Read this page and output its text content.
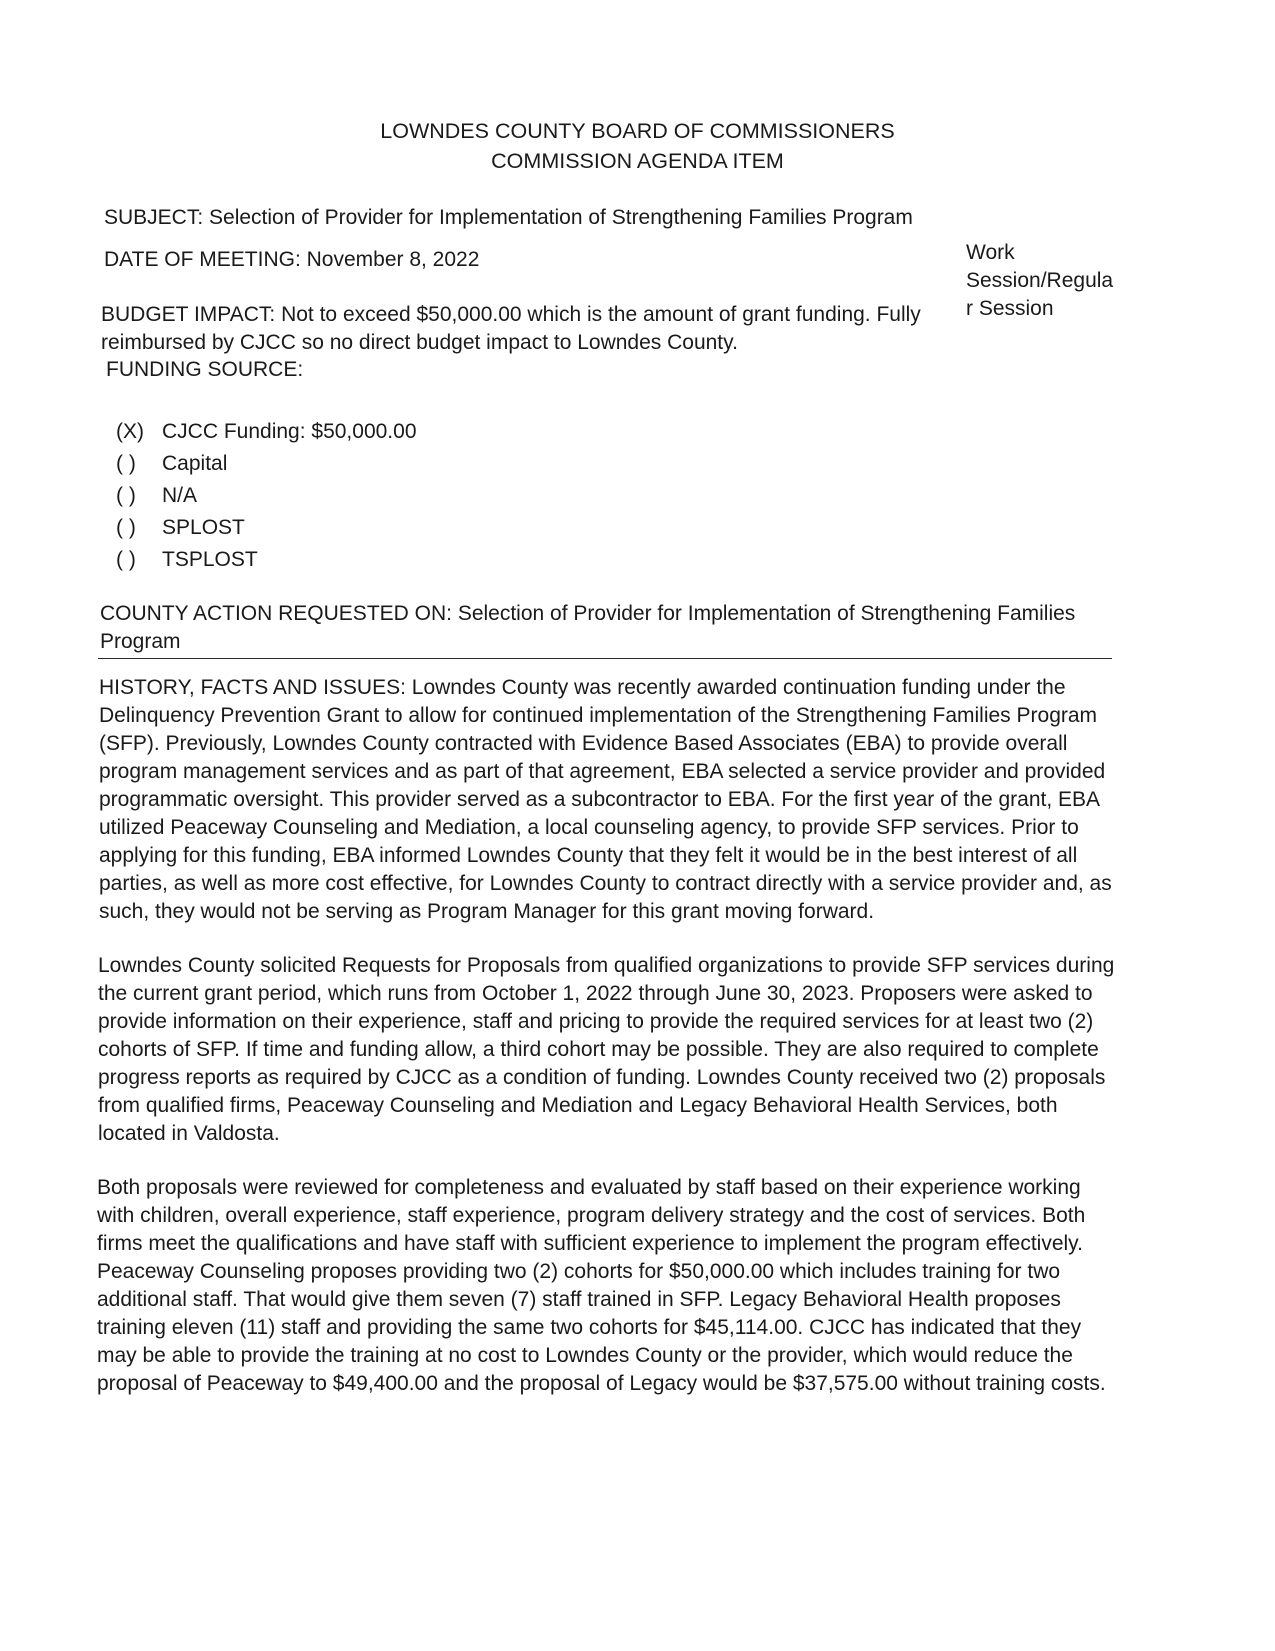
LOWNDES COUNTY BOARD OF COMMISSIONERS
COMMISSION AGENDA ITEM
SUBJECT: Selection of Provider for Implementation of Strengthening Families Program
DATE OF MEETING: November 8, 2022	Work
Session/Regula
r Session
BUDGET IMPACT: Not to exceed $50,000.00 which is the amount of grant funding. Fully
reimbursed by CJCC so no direct budget impact to Lowndes County.
FUNDING SOURCE:
(X) CJCC Funding: $50,000.00
( ) Capital
( ) N/A
( ) SPLOST
( ) TSPLOST
COUNTY ACTION REQUESTED ON: Selection of Provider for Implementation of Strengthening Families
Program

HISTORY, FACTS AND ISSUES: Lowndes County was recently awarded continuation funding under the Delinquency Prevention Grant to allow for continued implementation of the Strengthening Families Program (SFP). Previously, Lowndes County contracted with Evidence Based Associates (EBA) to provide overall program management services and as part of that agreement, EBA selected a service provider and provided programmatic oversight. This provider served as a subcontractor to EBA. For the first year of the grant, EBA utilized Peaceway Counseling and Mediation, a local counseling agency, to provide SFP services. Prior to applying for this funding, EBA informed Lowndes County that they felt it would be in the best interest of all parties, as well as more cost effective, for Lowndes County to contract directly with a service provider and, as such, they would not be serving as Program Manager for this grant moving forward.

Lowndes County solicited Requests for Proposals from qualified organizations to provide SFP services during the current grant period, which runs from October 1, 2022 through June 30, 2023. Proposers were asked to provide information on their experience, staff and pricing to provide the required services for at least two (2) cohorts of SFP. If time and funding allow, a third cohort may be possible. They are also required to complete progress reports as required by CJCC as a condition of funding. Lowndes County received two (2) proposals from qualified firms, Peaceway Counseling and Mediation and Legacy Behavioral Health Services, both located in Valdosta.

Both proposals were reviewed for completeness and evaluated by staff based on their experience working with children, overall experience, staff experience, program delivery strategy and the cost of services. Both firms meet the qualifications and have staff with sufficient experience to implement the program effectively. Peaceway Counseling proposes providing two (2) cohorts for $50,000.00 which includes training for two additional staff. That would give them seven (7) staff trained in SFP. Legacy Behavioral Health proposes training eleven (11) staff and providing the same two cohorts for $45,114.00. CJCC has indicated that they may be able to provide the training at no cost to Lowndes County or the provider, which would reduce the proposal of Peaceway to $49,400.00 and the proposal of Legacy would be $37,575.00 without training costs.
